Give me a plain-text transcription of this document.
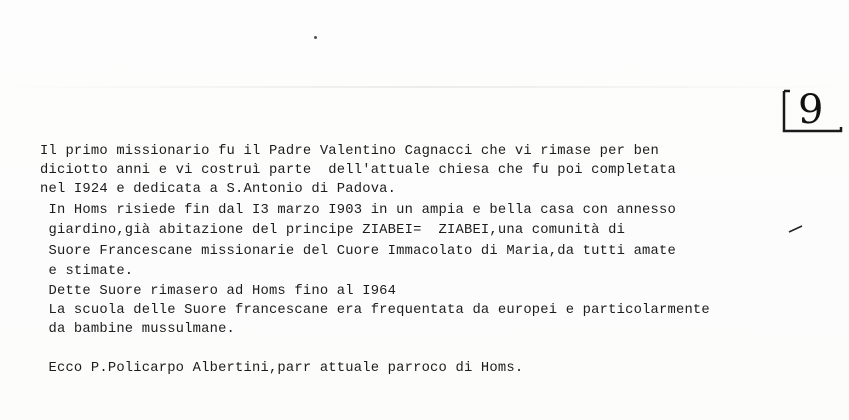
9
Il primo missionario fu il Padre Valentino Cagnacci che vi rimase per ben
diciotto anni e vi costruì parte  dell'attuale chiesa che fu poi completata
nel I924 e dedicata a S.Antonio di Padova.
In Homs risiede fin dal I3 marzo I903 in un ampia e bella casa con annesso
giardino,già abitazione del principe ZIABEI=  ZIABEI,una comunità di
Suore Francescane missionarie del Cuore Immacolato di Maria,da tutti amate
e stimate.
Dette Suore rimasero ad Homs fino al I964
La scuola delle Suore francescane era frequentata da europei e particolarmente
da bambine mussulmane.
Ecco P.Policarpo Albertini,parr attuale parroco di Homs.
